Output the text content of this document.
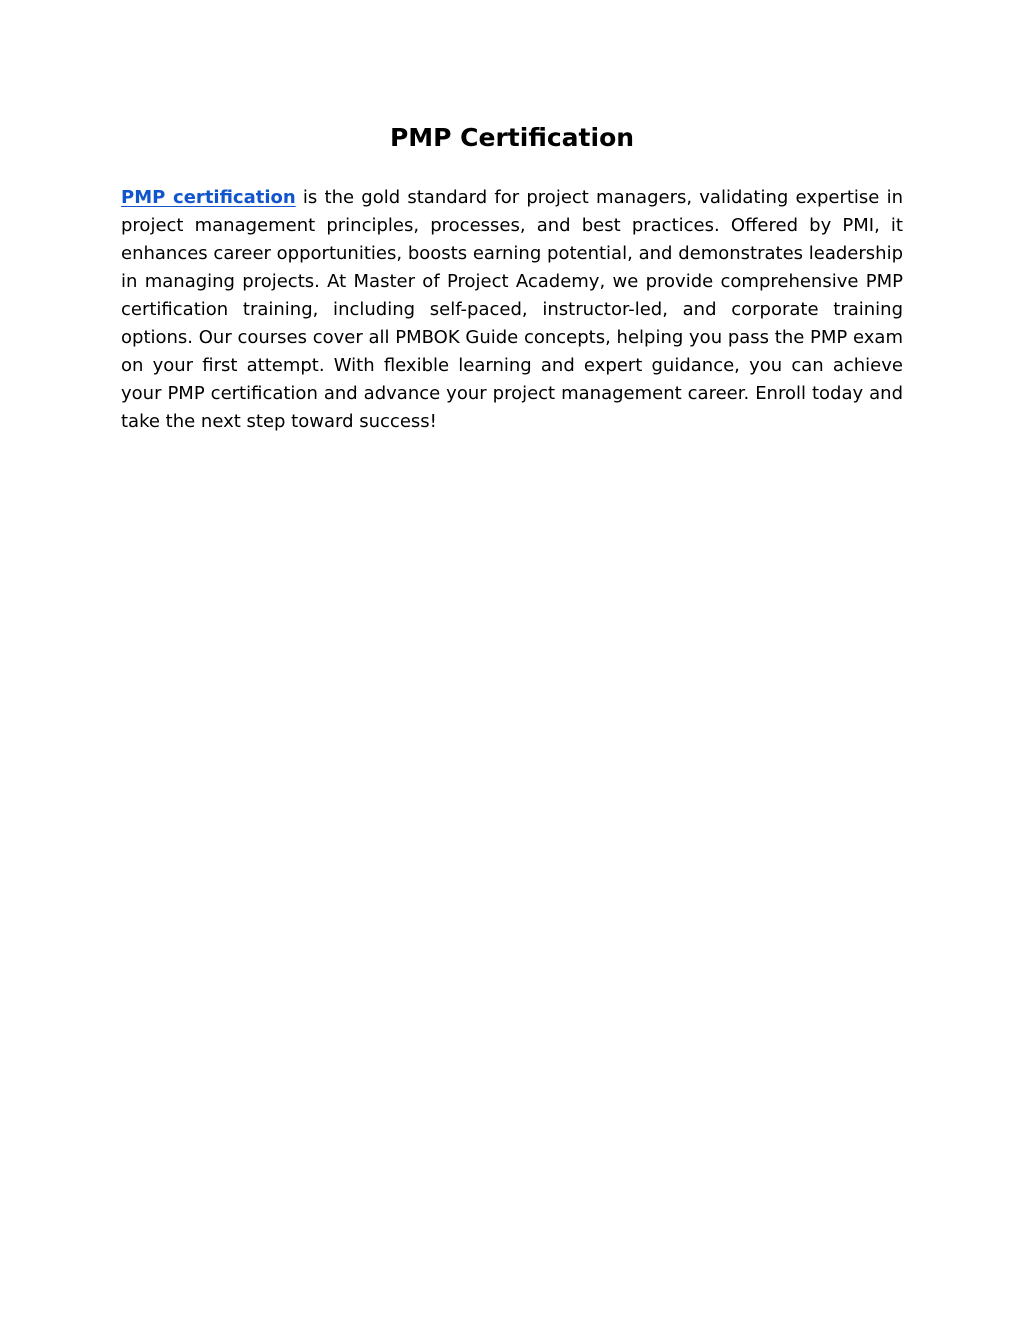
PMP Certification

PMP certification is the gold standard for project managers, validating expertise in project management principles, processes, and best practices. Offered by PMI, it enhances career opportunities, boosts earning potential, and demonstrates leadership in managing projects. At Master of Project Academy, we provide comprehensive PMP certification training, including self-paced, instructor-led, and corporate training options. Our courses cover all PMBOK Guide concepts, helping you pass the PMP exam on your first attempt. With flexible learning and expert guidance, you can achieve your PMP certification and advance your project management career. Enroll today and take the next step toward success!
